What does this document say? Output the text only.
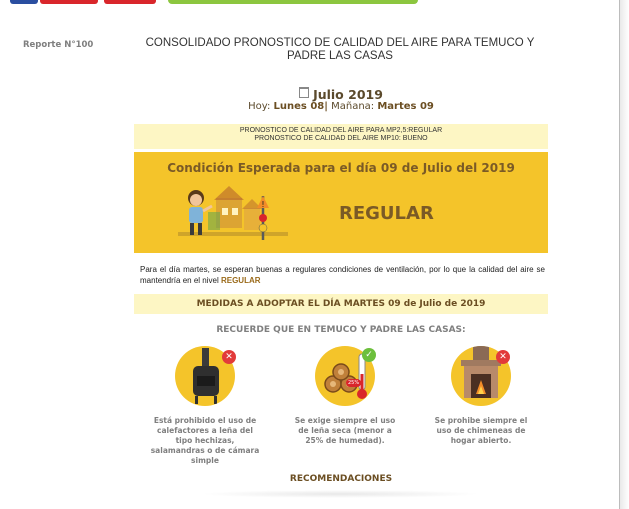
Reporte N°100	CONSOLIDADO PRONOSTICO DE CALIDAD DEL AIRE PARA TEMUCO Y PADRE LAS CASAS
Julio 2019
Hoy: Lunes 08| Mañana: Martes 09
PRONOSTICO DE CALIDAD DEL AIRE PARA MP2,5:REGULAR
PRONOSTICO DE CALIDAD DEL AIRE MP10: BUENO
Condición Esperada para el día 09 de Julio del 2019
!	REGULAR
Para el día martes, se esperan buenas a regulares condiciones de ventilación, por lo que la calidad del aire se mantendría en el nivel REGULAR
MEDIDAS A ADOPTAR EL DÍA MARTES 09 de Julio de 2019
RECUERDE QUE EN TEMUCO Y PADRE LAS CASAS:
✕
Está prohibido el uso de calefactores a leña del tipo hechizas, salamandras o de cámara simple
✓
25%
Se exige siempre el uso de leña seca (menor a 25% de humedad).
✕
Se prohibe siempre el uso de chimeneas de hogar abierto.
RECOMENDACIONES
